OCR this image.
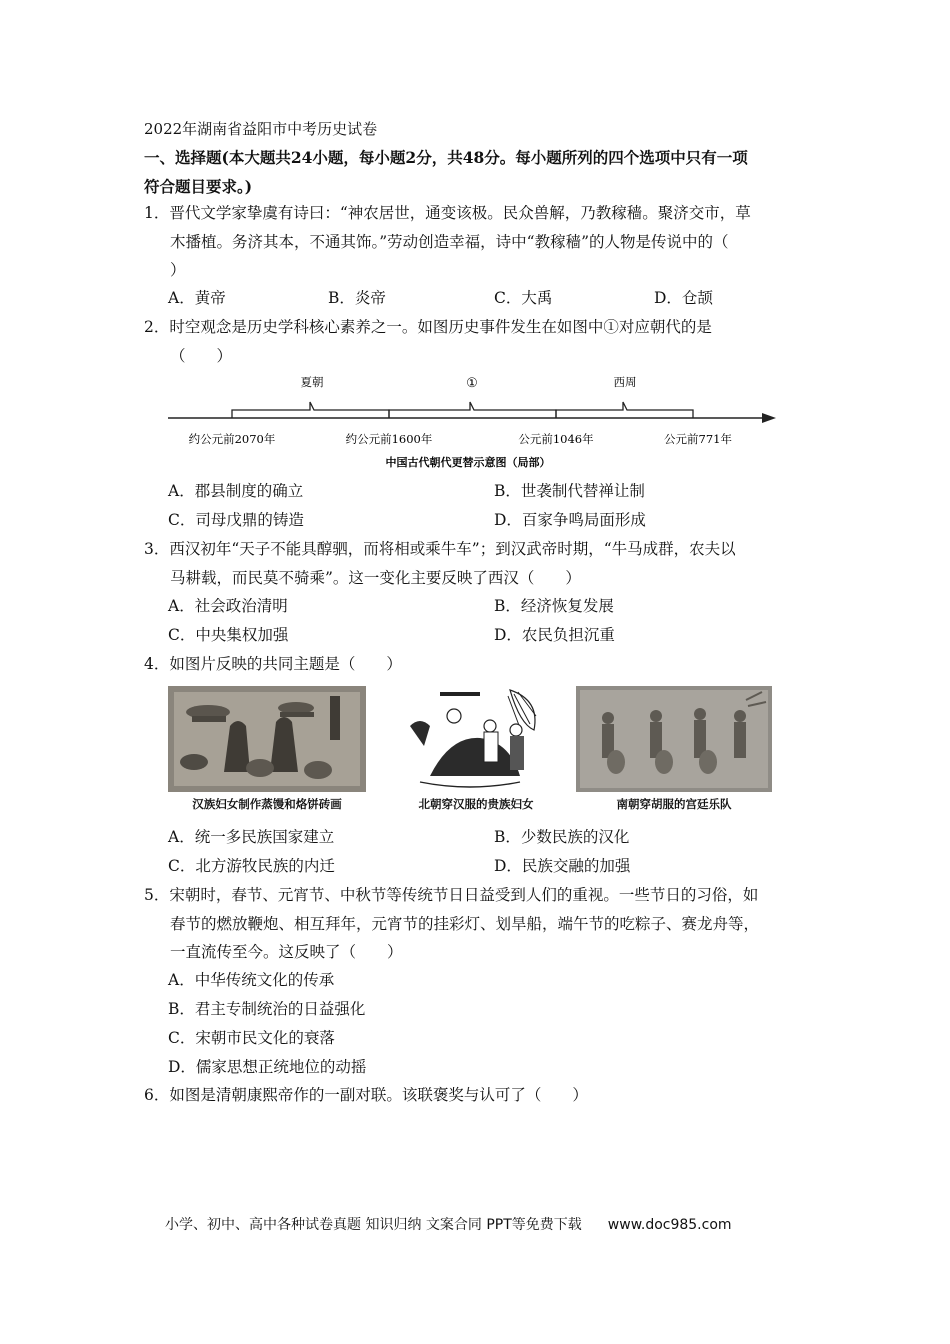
2022年湖南省益阳市中考历史试卷
一、选择题(本大题共24小题，每小题2分，共48分。每小题所列的四个选项中只有一项
符合题目要求。)
1．晋代文学家挚虞有诗曰：“神农居世，通变该极。民众兽解，乃教稼穑。聚济交市，草
木播植。务济其本，不通其饰。”劳动创造幸福，诗中“教稼穑”的人物是传说中的（
）
A．黄帝	B．炎帝	C．大禹	D．仓颉
2．时空观念是历史学科核心素养之一。如图历史事件发生在如图中①对应朝代的是
（　　）
夏朝	①	西周
约公元前2070年	约公元前1600年	公元前1046年	公元前771年
中国古代朝代更替示意图（局部）
A．郡县制度的确立	B．世袭制代替禅让制
C．司母戊鼎的铸造	D．百家争鸣局面形成
3．西汉初年“天子不能具醇驷，而将相或乘牛车”；到汉武帝时期，“牛马成群，农夫以
马耕载，而民莫不骑乘”。这一变化主要反映了西汉（　　）
A．社会政治清明	B．经济恢复发展
C．中央集权加强	D．农民负担沉重
4．如图片反映的共同主题是（　　）
汉族妇女制作蒸馒和烙饼砖画	北朝穿汉服的贵族妇女	南朝穿胡服的宫廷乐队
A．统一多民族国家建立	B．少数民族的汉化
C．北方游牧民族的内迁	D．民族交融的加强
5．宋朝时，春节、元宵节、中秋节等传统节日日益受到人们的重视。一些节日的习俗，如
春节的燃放鞭炮、相互拜年，元宵节的挂彩灯、划旱船，端午节的吃粽子、赛龙舟等，
一直流传至今。这反映了（　　）
A．中华传统文化的传承
B．君主专制统治的日益强化
C．宋朝市民文化的衰落
D．儒家思想正统地位的动摇
6．如图是清朝康熙帝作的一副对联。该联褒奖与认可了（　　）
小学、初中、高中各种试卷真题 知识归纳 文案合同 PPT等免费下载 www.doc985.com
